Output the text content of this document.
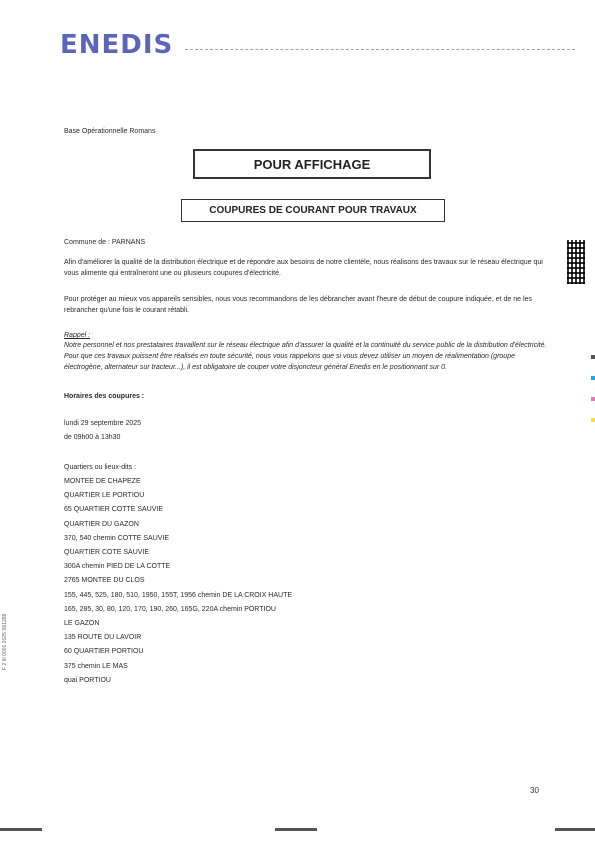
ENEDIS
Base Opérationnelle Romans
POUR AFFICHAGE
COUPURES DE COURANT POUR TRAVAUX
Commune de : PARNANS
Afin d'améliorer la qualité de la distribution électrique et de répondre aux besoins de notre clientèle, nous réalisons des travaux sur le réseau électrique qui vous alimente qui entraîneront une ou plusieurs coupures d'électricité.
Pour protéger au mieux vos appareils sensibles, nous vous recommandons de les débrancher avant l'heure de début de coupure indiquée, et de ne les rebrancher qu'une fois le courant rétabli.
Rappel :
Notre personnel et nos prestataires travaillent sur le réseau électrique afin d'assurer la qualité et la continuité du service public de la distribution d'électricité. Pour que ces travaux puissent être réalisés en toute sécurité, nous vous rappelons que si vous devez utiliser un moyen de réalimentation (groupe électrogène, alternateur sur tracteur...), il est obligatoire de couper votre disjoncteur général Enedis en le positionnant sur 0.
Horaires des coupures :
lundi 29 septembre 2025
de 09h00 à 13h30
Quartiers ou lieux-dits :
MONTEE DE CHAPEZE
QUARTIER LE PORTIOU
65 QUARTIER COTTE SAUVIE
QUARTIER DU GAZON
370, 540 chemin COTTE SAUVIE
QUARTIER COTE SAUVIE
300A chemin PIED DE LA COTTE
2765 MONTEE DU CLOS
155, 445, 525, 180, 510, 1950, 155T, 1956 chemin DE LA CROIX HAUTE
165, 285, 30, 80, 120, 170, 190, 260, 165G, 220A chemin PORTIOU
LE GAZON
135 ROUTE DU LAVOIR
60 QUARTIER PORTIOU
375 chemin LE MAS
quai PORTIOU
F 2 III 0001 2025 S61289
30
